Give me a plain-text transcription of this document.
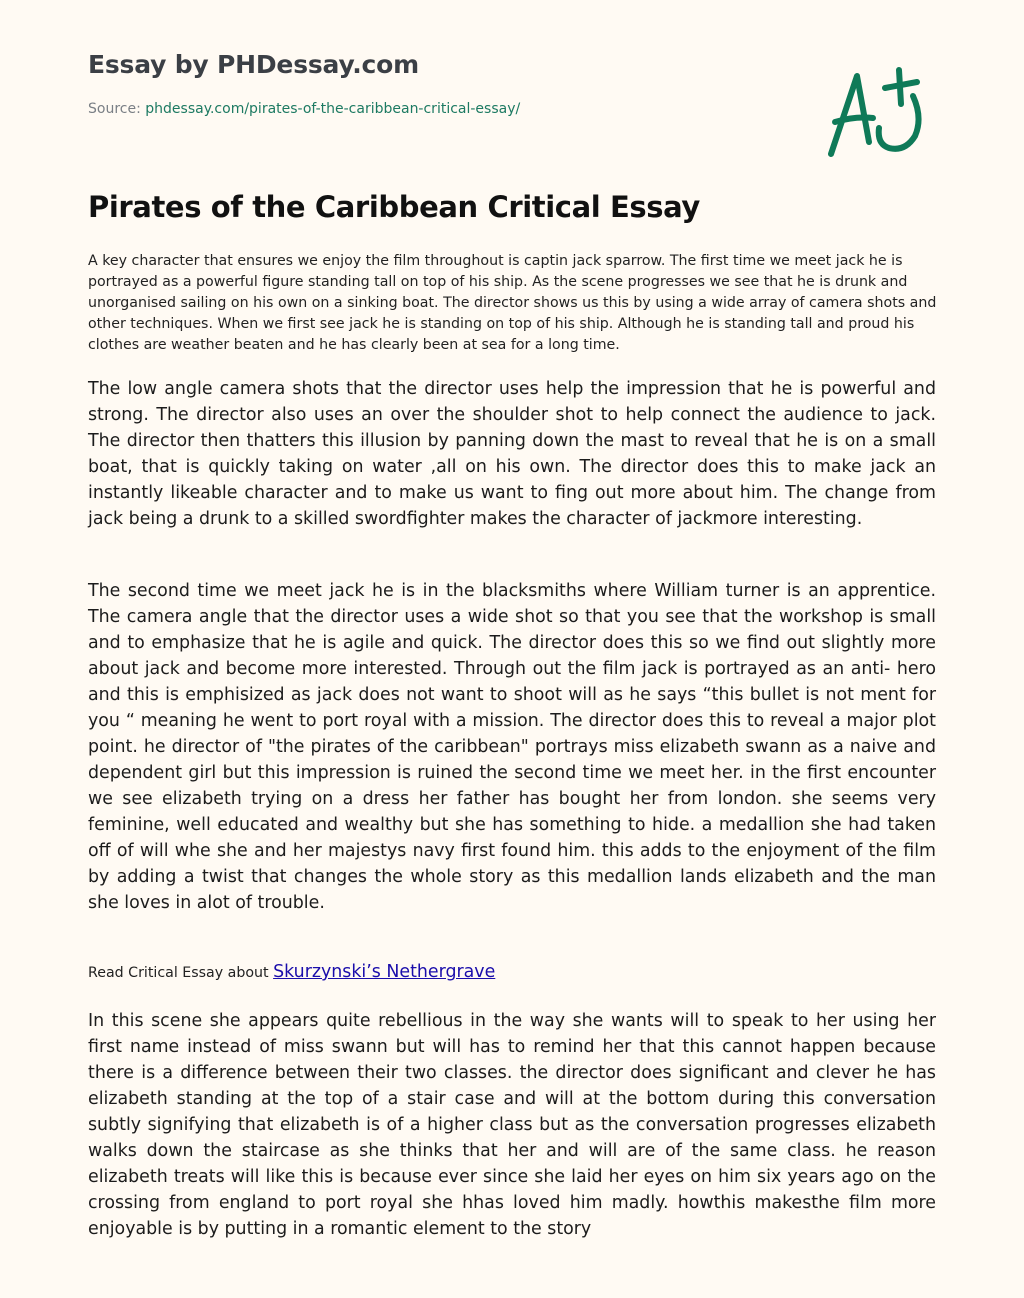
Essay by PHDessay.com
Source: phdessay.com/pirates-of-the-caribbean-critical-essay/
Pirates of the Caribbean Critical Essay

A key character that ensures we enjoy the film throughout is captin jack sparrow. The first time we meet jack he is portrayed as a powerful figure standing tall on top of his ship. As the scene progresses we see that he is drunk and unorganised sailing on his own on a sinking boat. The director shows us this by using a wide array of camera shots and other techniques. When we first see jack he is standing on top of his ship. Although he is standing tall and proud his clothes are weather beaten and he has clearly been at sea for a long time.

The low angle camera shots that the director uses help the impression that he is powerful and strong. The director also uses an over the shoulder shot to help connect the audience to jack. The director then thatters this illusion by panning down the mast to reveal that he is on a small boat, that is quickly taking on water ,all on his own. The director does this to make jack an instantly likeable character and to make us want to fing out more about him. The change from jack being a drunk to a skilled swordfighter makes the character of jackmore interesting.

The second time we meet jack he is in the blacksmiths where William turner is an apprentice. The camera angle that the director uses a wide shot so that you see that the workshop is small and to emphasize that he is agile and quick. The director does this so we find out slightly more about jack and become more interested. Through out the film jack is portrayed as an anti- hero and this is emphisized as jack does not want to shoot will as he says “this bullet is not ment for you “ meaning he went to port royal with a mission. The director does this to reveal a major plot point. he director of "the pirates of the caribbean" portrays miss elizabeth swann as a naive and dependent girl but this impression is ruined the second time we meet her. in the first encounter we see elizabeth trying on a dress her father has bought her from london. she seems very feminine, well educated and wealthy but she has something to hide. a medallion she had taken off of will whe she and her majestys navy first found him. this adds to the enjoyment of the film by adding a twist that changes the whole story as this medallion lands elizabeth and the man she loves in alot of trouble.

Read Critical Essay about Skurzynski’s Nethergrave

In this scene she appears quite rebellious in the way she wants will to speak to her using her first name instead of miss swann but will has to remind her that this cannot happen because there is a difference between their two classes. the director does significant and clever he has elizabeth standing at the top of a stair case and will at the bottom during this conversation subtly signifying that elizabeth is of a higher class but as the conversation progresses elizabeth walks down the staircase as she thinks that her and will are of the same class. he reason elizabeth treats will like this is because ever since she laid her eyes on him six years ago on the crossing from england to port royal she hhas loved him madly. howthis makesthe film more enjoyable is by putting in a romantic element to the story
